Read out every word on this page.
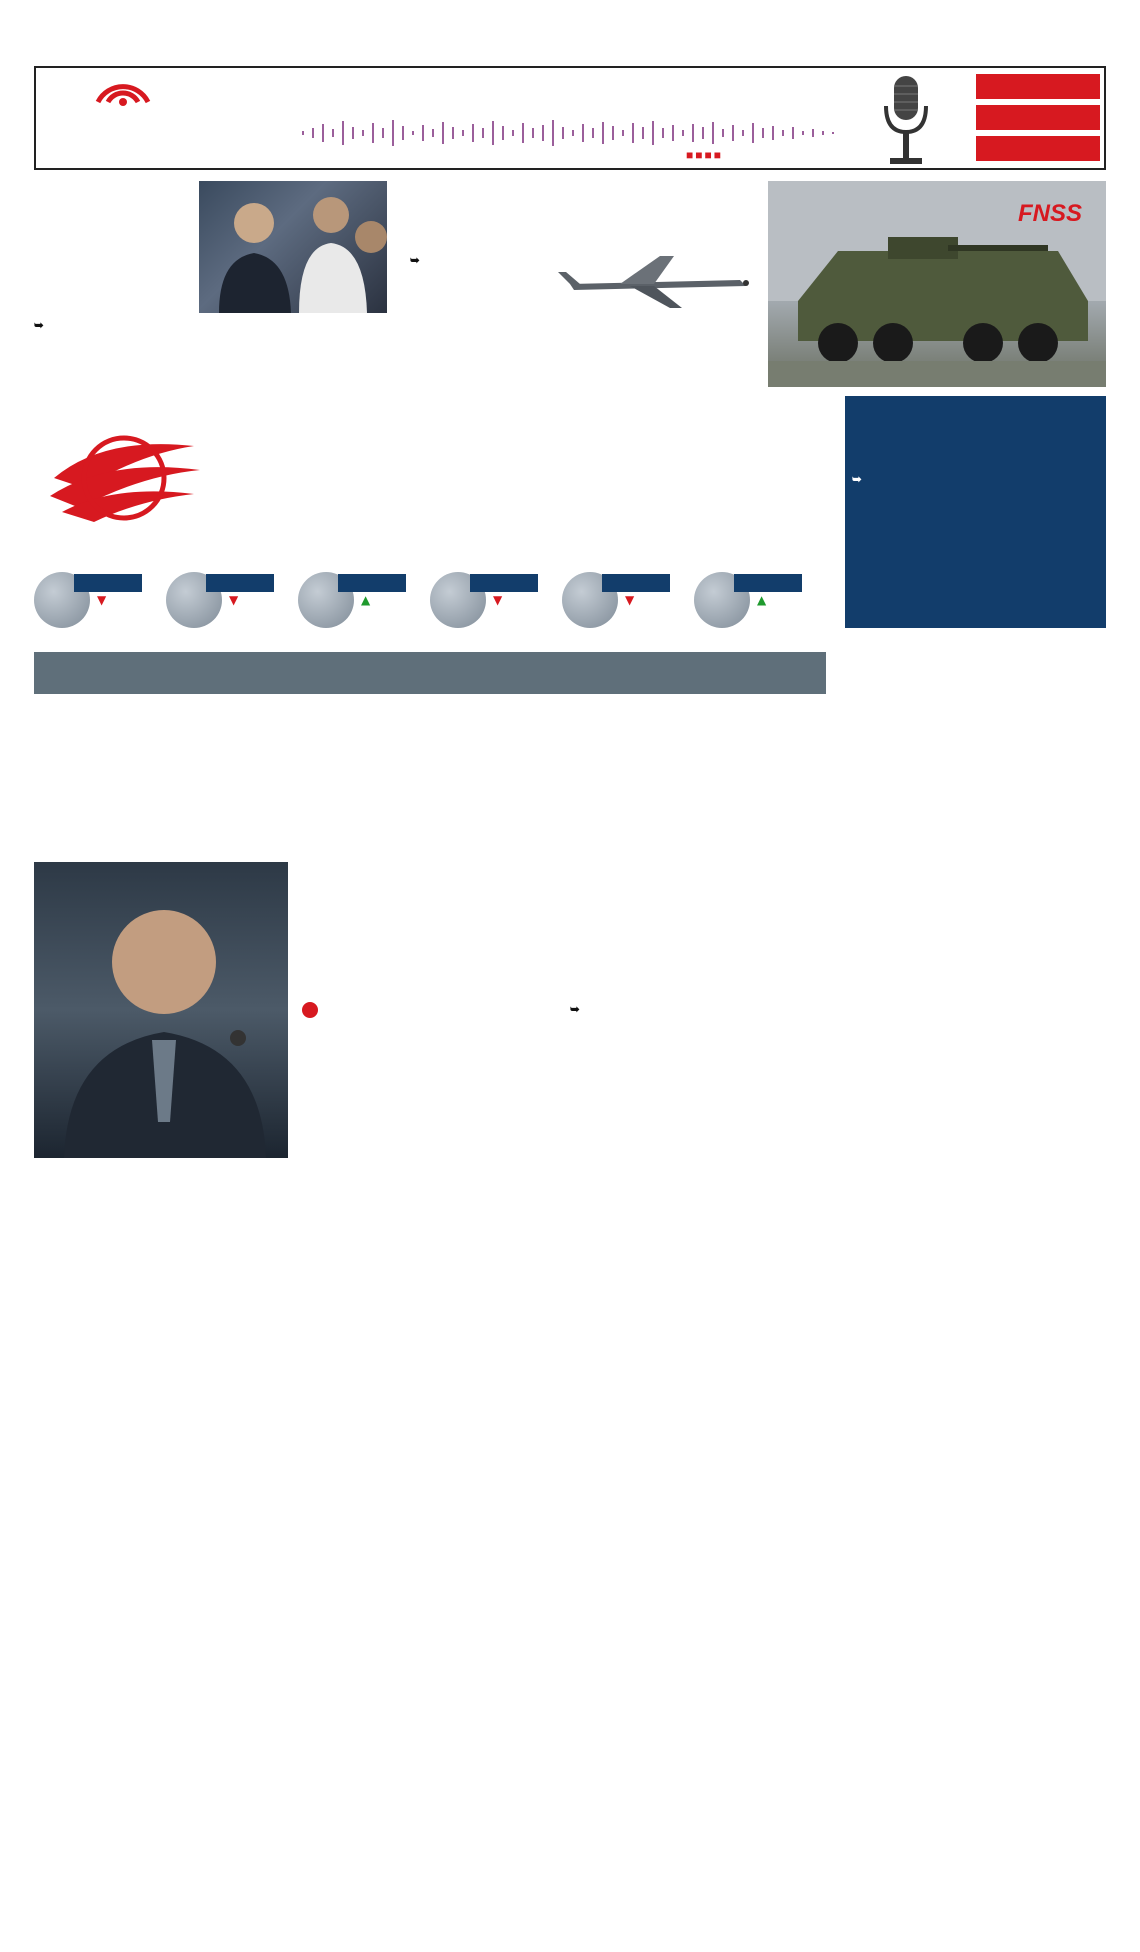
■■■■

➥

➥

FNSS

➥

▼	▼	▲	▼	▼	▲

➥
